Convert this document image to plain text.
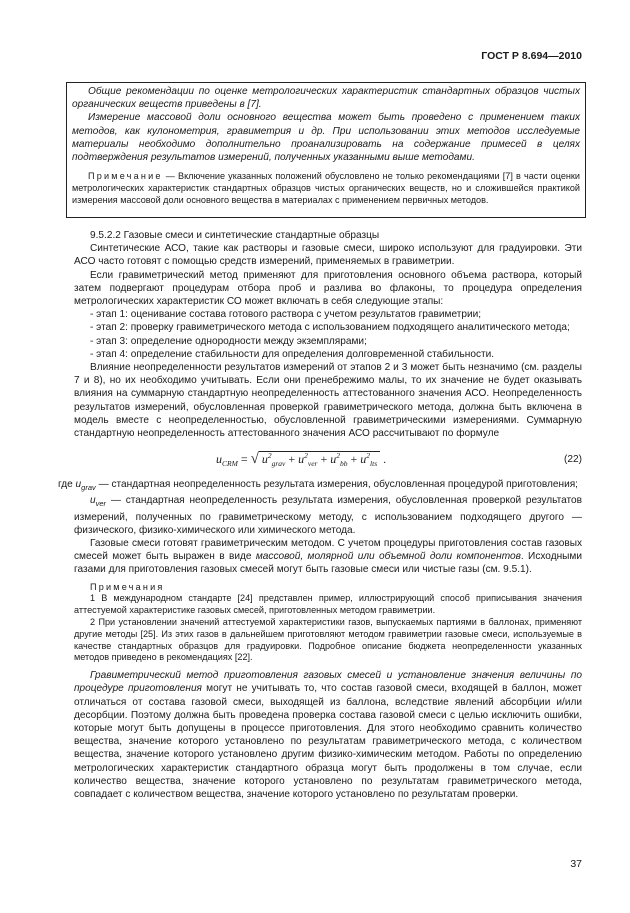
ГОСТ Р 8.694—2010
Общие рекомендации по оценке метрологических характеристик стандартных образцов чистых органических веществ приведены в [7].
Измерение массовой доли основного вещества может быть проведено с применением таких методов, как кулонометрия, гравиметрия и др. При использовании этих методов исследуемые материалы необходимо дополнительно проанализировать на содержание примесей в целях подтверждения результатов измерений, полученных указанными выше методами.
Примечание — Включение указанных положений обусловлено не только рекомендациями [7] в части оценки метрологических характеристик стандартных образцов чистых органических веществ, но и сложившейся практикой измерения массовой доли основного вещества в материалах с применением первичных методов.
9.5.2.2 Газовые смеси и синтетические стандартные образцы
Синтетические АСО, такие как растворы и газовые смеси, широко используют для градуировки. Эти АСО часто готовят с помощью средств измерений, применяемых в гравиметрии.
Если гравиметрический метод применяют для приготовления основного объема раствора, который затем подвергают процедурам отбора проб и разлива во флаконы, то процедура определения метрологических характеристик СО может включать в себя следующие этапы:
- этап 1: оценивание состава готового раствора с учетом результатов гравиметрии;
- этап 2: проверку гравиметрического метода с использованием подходящего аналитического метода;
- этап 3: определение однородности между экземплярами;
- этап 4: определение стабильности для определения долговременной стабильности.
Влияние неопределенности результатов измерений от этапов 2 и 3 может быть незначимо (см. разделы 7 и 8), но их необходимо учитывать. Если они пренебрежимо малы, то их значение не будет оказывать влияния на суммарную стандартную неопределенность аттестованного значения АСО. Неопределенность результатов измерений, обусловленная проверкой гравиметрического метода, должна быть включена в модель вместе с неопределенностью, обусловленной гравиметрическими измерениями. Суммарную стандартную неопределенность аттестованного значения АСО рассчитывают по формуле
$u_{CRM}$ = √ $u^2_{grav} + u^2_{ver} + u^2_{bb} + u^2_{lts}$ .	(22)
где $u_{grav}$ — стандартная неопределенность результата измерения, обусловленная процедурой приготовления;
$u_{ver}$ — стандартная неопределенность результата измерения, обусловленная проверкой результатов измерений, полученных по гравиметрическому методу, с использованием подходящего другого — физического, физико-химического или химического метода.
Газовые смеси готовят гравиметрическим методом. С учетом процедуры приготовления состав газовых смесей может быть выражен в виде массовой, молярной или объемной доли компонентов. Исходными газами для приготовления газовых смесей могут быть газовые смеси или чистые газы (см. 9.5.1).
Примечания
1 В международном стандарте [24] представлен пример, иллюстрирующий способ приписывания значения аттестуемой характеристике газовых смесей, приготовленных методом гравиметрии.
2 При установлении значений аттестуемой характеристики газов, выпускаемых партиями в баллонах, применяют другие методы [25]. Из этих газов в дальнейшем приготовляют методом гравиметрии газовые смеси, используемые в качестве стандартных образцов для градуировки. Подробное описание бюджета неопределенности указанных методов приведено в рекомендациях [22].
Гравиметрический метод приготовления газовых смесей и установление значения величины по процедуре приготовления могут не учитывать то, что состав газовой смеси, входящей в баллон, может отличаться от состава газовой смеси, выходящей из баллона, вследствие явлений абсорбции и/или десорбции. Поэтому должна быть проведена проверка состава газовой смеси с целью исключить ошибки, которые могут быть допущены в процессе приготовления. Для этого необходимо сравнить количество вещества, значение которого установлено по результатам гравиметрического метода, с количеством вещества, значение которого установлено другим физико-химическим методом. Работы по определению метрологических характеристик стандартного образца могут быть продолжены в том случае, если количество вещества, значение которого установлено по результатам гравиметрического метода, совпадает с количеством вещества, значение которого установлено по результатам проверки.
37
